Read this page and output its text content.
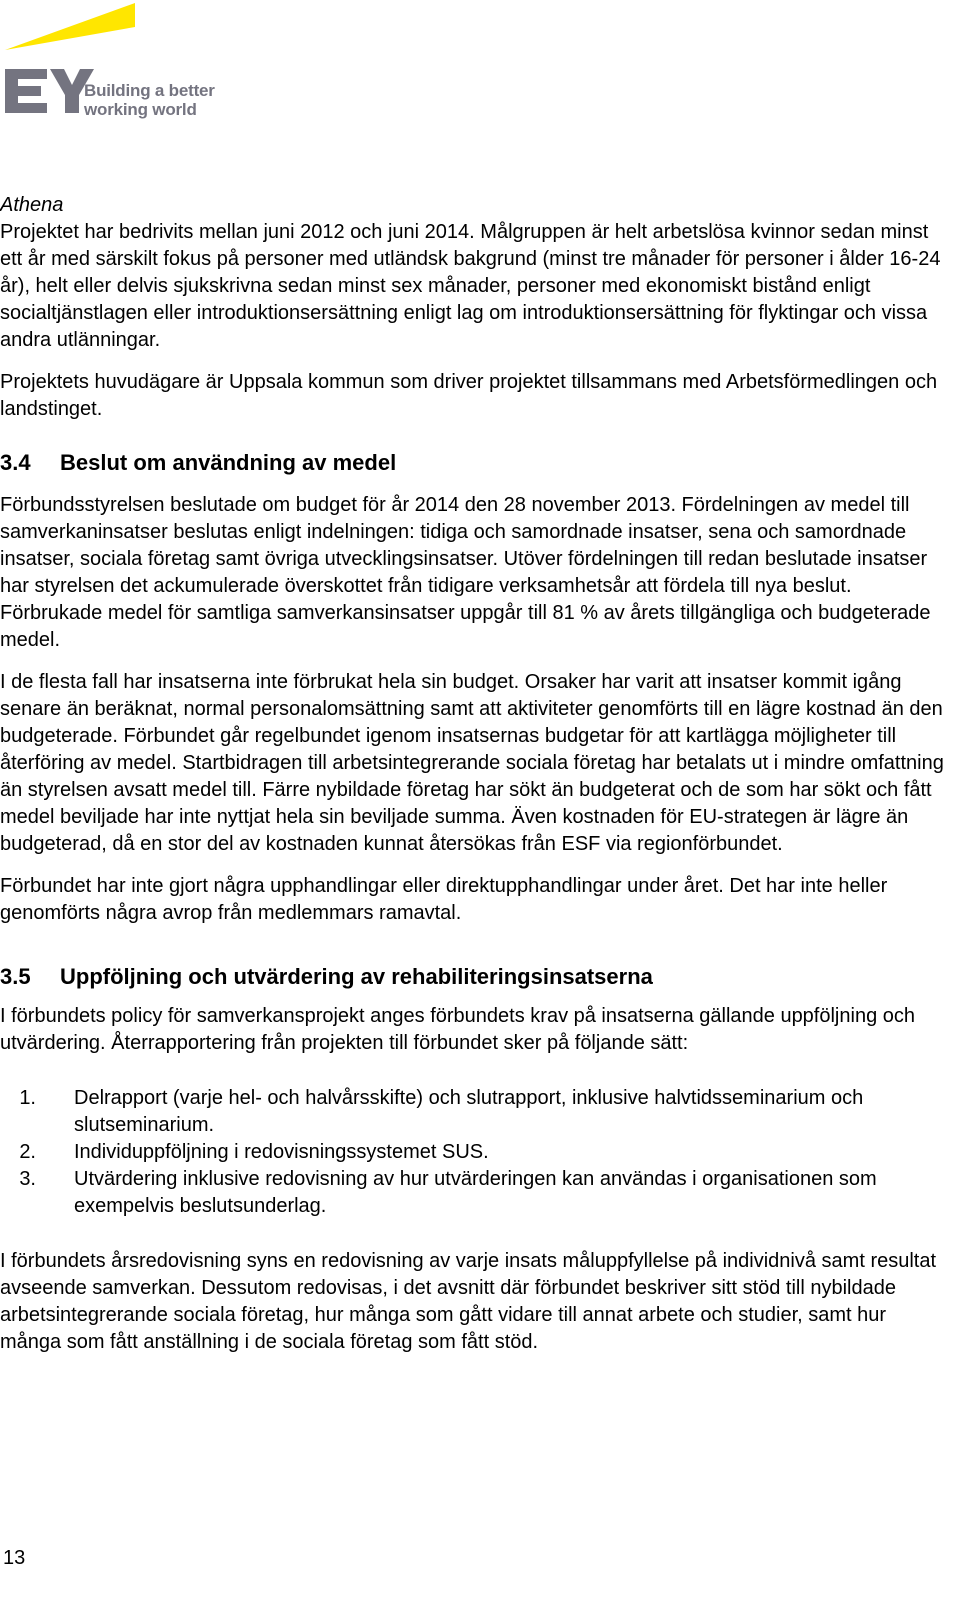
Building a better working world

Athena

Projektet har bedrivits mellan juni 2012 och juni 2014. Målgruppen är helt arbetslösa kvinnor sedan minst ett år med särskilt fokus på personer med utländsk bakgrund (minst tre månader för personer i ålder 16-24 år), helt eller delvis sjukskrivna sedan minst sex månader, personer med ekonomiskt bistånd enligt socialtjänstlagen eller introduktionsersättning enligt lag om introduktionsersättning för flyktingar och vissa andra utlänningar.

Projektets huvudägare är Uppsala kommun som driver projektet tillsammans med Arbetsförmedlingen och landstinget.

3.4	Beslut om användning av medel

Förbundsstyrelsen beslutade om budget för år 2014 den 28 november 2013. Fördelningen av medel till samverkaninsatser beslutas enligt indelningen: tidiga och samordnade insatser, sena och samordnade insatser, sociala företag samt övriga utvecklingsinsatser. Utöver fördelningen till redan beslutade insatser har styrelsen det ackumulerade överskottet från tidigare verksamhetsår att fördela till nya beslut. Förbrukade medel för samtliga samverkansinsatser uppgår till 81 % av årets tillgängliga och budgeterade medel.

I de flesta fall har insatserna inte förbrukat hela sin budget. Orsaker har varit att insatser kommit igång senare än beräknat, normal personalomsättning samt att aktiviteter genomförts till en lägre kostnad än den budgeterade. Förbundet går regelbundet igenom insatsernas budgetar för att kartlägga möjligheter till återföring av medel. Startbidragen till arbetsintegrerande sociala företag har betalats ut i mindre omfattning än styrelsen avsatt medel till. Färre nybildade företag har sökt än budgeterat och de som har sökt och fått medel beviljade har inte nyttjat hela sin beviljade summa. Även kostnaden för EU-strategen är lägre än budgeterad, då en stor del av kostnaden kunnat återsökas från ESF via regionförbundet.

Förbundet har inte gjort några upphandlingar eller direktupphandlingar under året. Det har inte heller genomförts några avrop från medlemmars ramavtal.

3.5	Uppföljning och utvärdering av rehabiliteringsinsatserna

I förbundets policy för samverkansprojekt anges förbundets krav på insatserna gällande uppföljning och utvärdering. Återrapportering från projekten till förbundet sker på följande sätt:

1.	Delrapport (varje hel- och halvårsskifte) och slutrapport, inklusive halvtidsseminarium och slutseminarium.
2.	Individuppföljning i redovisningssystemet SUS.
3.	Utvärdering inklusive redovisning av hur utvärderingen kan användas i organisationen som exempelvis beslutsunderlag.

I förbundets årsredovisning syns en redovisning av varje insats måluppfyllelse på individnivå samt resultat avseende samverkan. Dessutom redovisas, i det avsnitt där förbundet beskriver sitt stöd till nybildade arbetsintegrerande sociala företag, hur många som gått vidare till annat arbete och studier, samt hur många som fått anställning i de sociala företag som fått stöd.

13
